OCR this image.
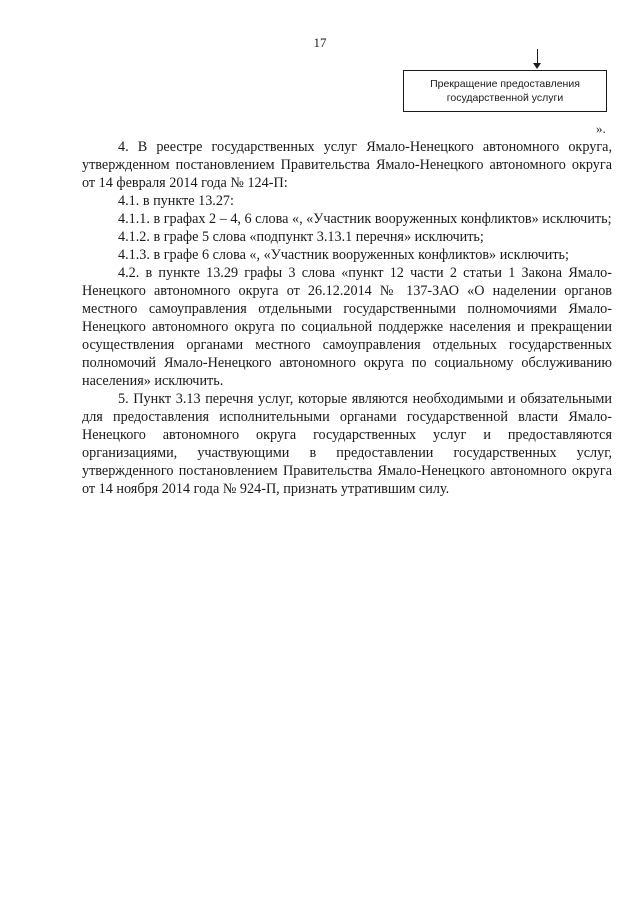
17
Прекращение предоставления
государственной услуги
».

4. В реестре государственных услуг Ямало-Ненецкого автономного округа, утвержденном постановлением Правительства Ямало-Ненецкого автономного округа от 14 февраля 2014 года № 124-П:

4.1. в пункте 13.27:

4.1.1. в графах 2 – 4, 6 слова «, «Участник вооруженных конфликтов» исключить;

4.1.2. в графе 5 слова «подпункт 3.13.1 перечня» исключить;

4.1.3. в графе 6 слова «, «Участник вооруженных конфликтов» исключить;

4.2. в пункте 13.29 графы 3 слова «пункт 12 части 2 статьи 1 Закона Ямало-Ненецкого автономного округа от 26.12.2014 № 137-ЗАО «О наделении органов местного самоуправления отдельными государственными полномочиями Ямало-Ненецкого автономного округа по социальной поддержке населения и прекращении осуществления органами местного самоуправления отдельных государственных полномочий Ямало-Ненецкого автономного округа по социальному обслуживанию населения» исключить.

5. Пункт 3.13 перечня услуг, которые являются необходимыми и обязательными для предоставления исполнительными органами государственной власти Ямало-Ненецкого автономного округа государственных услуг и предоставляются организациями, участвующими в предоставлении государственных услуг, утвержденного постановлением Правительства Ямало-Ненецкого автономного округа от 14 ноября 2014 года № 924-П, признать утратившим силу.
